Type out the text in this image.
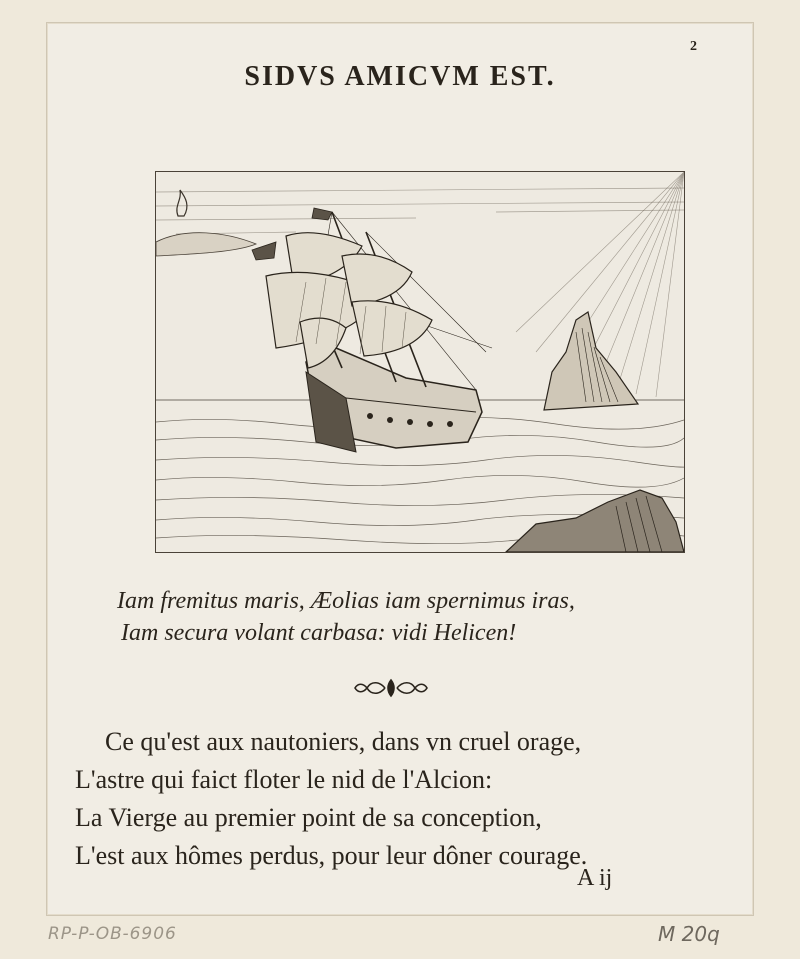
2
SIDVS AMICVM EST.
Iam fremitus maris, Æolias iam spernimus iras,
Iam secura volant carbasa: vidi Helicen!
Ce qu'est aux nautoniers, dans vn cruel orage,
L'astre qui faict floter le nid de l'Alcion:
La Vierge au premier point de sa conception,
L'est aux hômes perdus, pour leur dôner courage.
A ij
RP-P-OB-6906	M 20q
